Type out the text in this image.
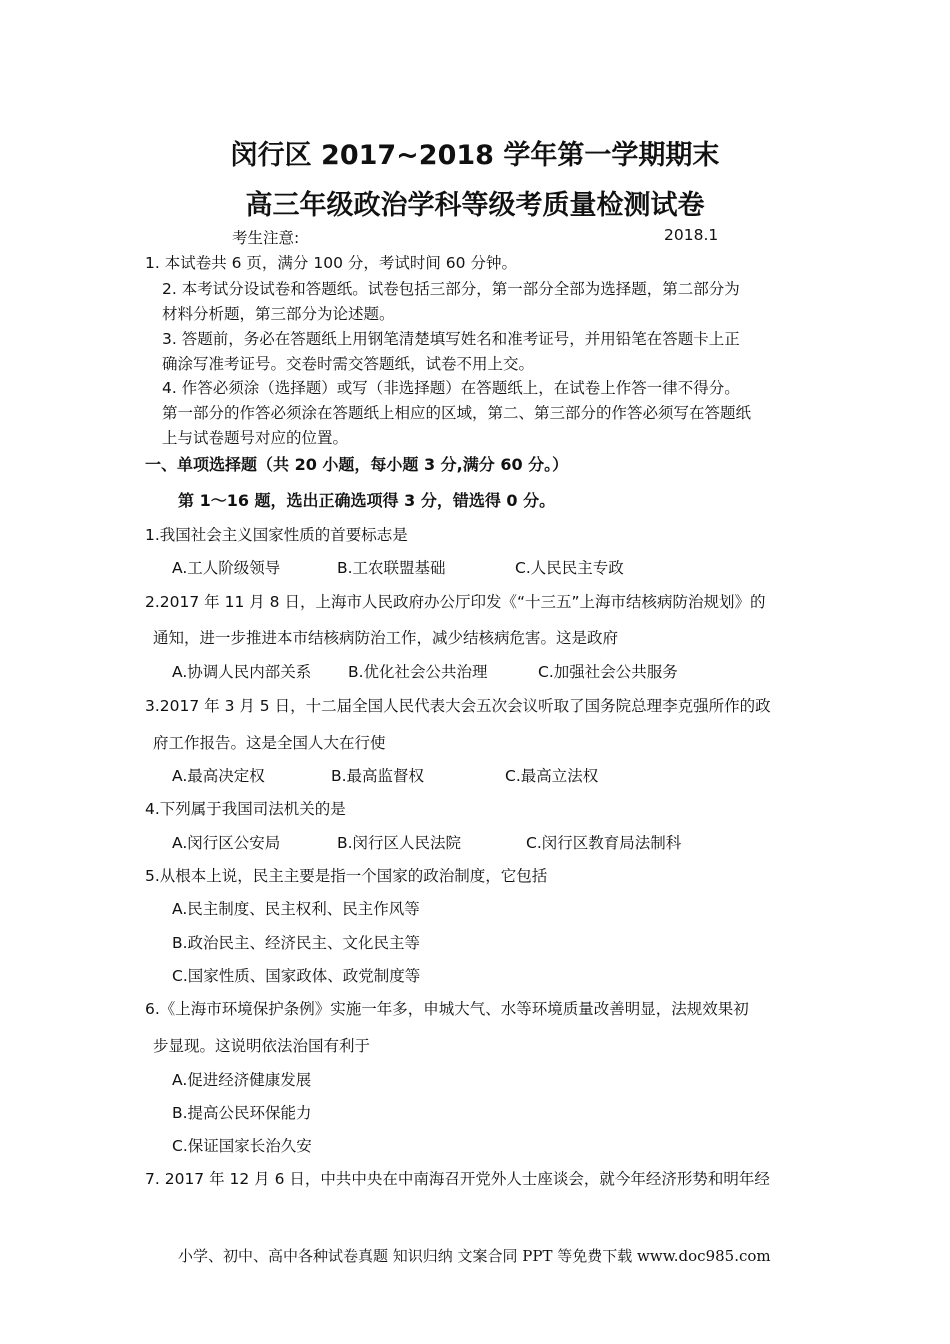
闵行区 2017~2018 学年第一学期期末
高三年级政治学科等级考质量检测试卷
考生注意:	2018.1
1. 本试卷共 6 页，满分 100 分，考试时间 60 分钟。
2. 本考试分设试卷和答题纸。试卷包括三部分，第一部分全部为选择题，第二部分为
材料分析题，第三部分为论述题。
3. 答题前，务必在答题纸上用钢笔清楚填写姓名和准考证号，并用铅笔在答题卡上正
确涂写准考证号。交卷时需交答题纸，试卷不用上交。
4. 作答必须涂（选择题）或写（非选择题）在答题纸上，在试卷上作答一律不得分。
第一部分的作答必须涂在答题纸上相应的区域，第二、第三部分的作答必须写在答题纸
上与试卷题号对应的位置。
一、单项选择题（共 20 小题，每小题 3 分,满分 60 分。）
第 1～16 题，选出正确选项得 3 分，错选得 0 分。
1.我国社会主义国家性质的首要标志是
A.工人阶级领导	B.工农联盟基础	C.人民民主专政
2.2017 年 11 月 8 日，上海市人民政府办公厅印发《“十三五”上海市结核病防治规划》的
通知，进一步推进本市结核病防治工作，减少结核病危害。这是政府
A.协调人民内部关系 B.优化社会公共治理	C.加强社会公共服务
3.2017 年 3 月 5 日，十二届全国人民代表大会五次会议听取了国务院总理李克强所作的政
府工作报告。这是全国人大在行使
A.最高决定权	B.最高监督权	C.最高立法权
4.下列属于我国司法机关的是
A.闵行区公安局	B.闵行区人民法院	C.闵行区教育局法制科
5.从根本上说，民主主要是指一个国家的政治制度，它包括
A.民主制度、民主权利、民主作风等
B.政治民主、经济民主、文化民主等
C.国家性质、国家政体、政党制度等
6.《上海市环境保护条例》实施一年多，申城大气、水等环境质量改善明显，法规效果初
步显现。这说明依法治国有利于
A.促进经济健康发展
B.提高公民环保能力
C.保证国家长治久安
7. 2017 年 12 月 6 日，中共中央在中南海召开党外人士座谈会，就今年经济形势和明年经
小学、初中、高中各种试卷真题 知识归纳 文案合同 PPT 等免费下载 www.doc985.com
